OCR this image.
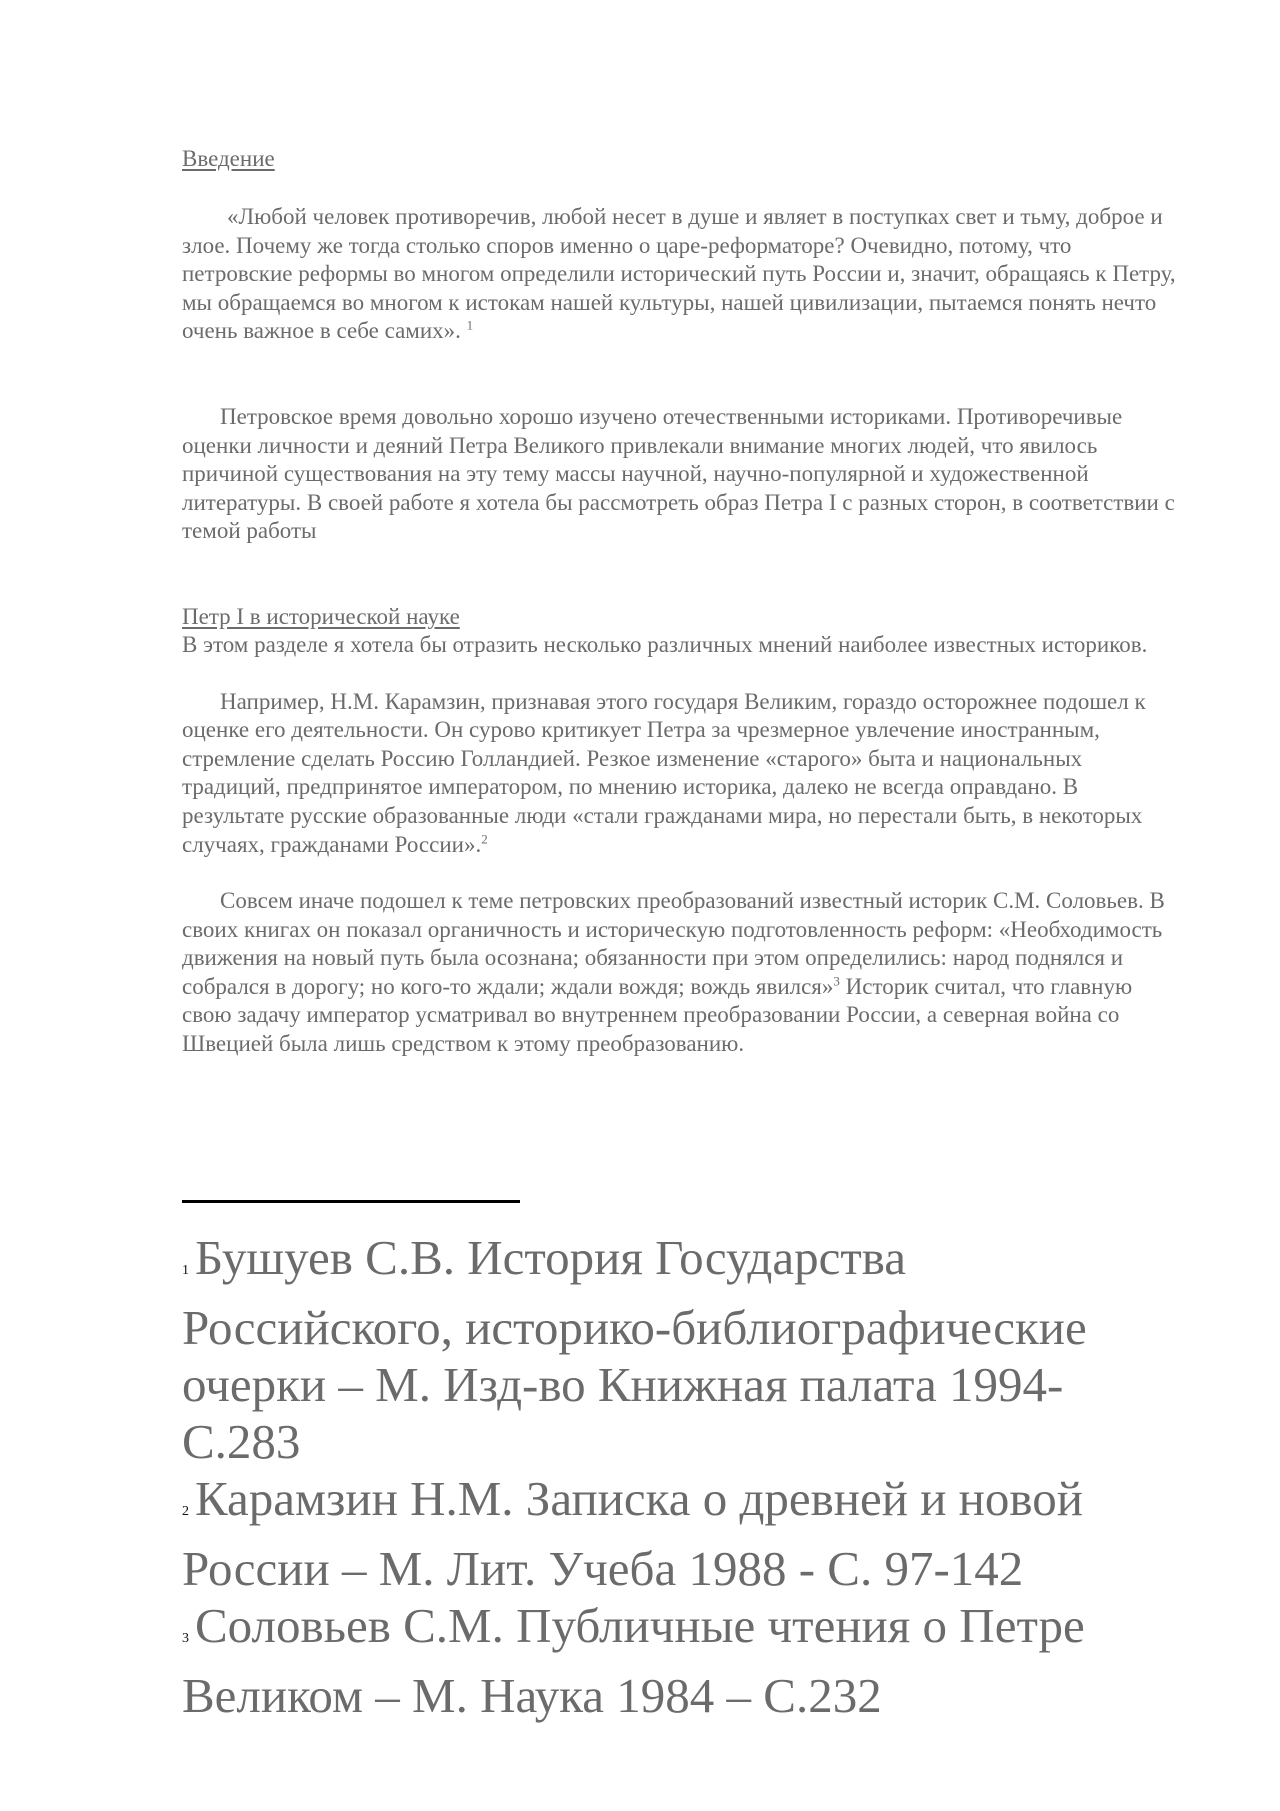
Введение

«Любой человек противоречив, любой несет в душе и являет в поступках свет и тьму, доброе и злое. Почему же тогда столько споров именно о царе-реформаторе? Очевидно, потому, что петровские реформы во многом определили исторический путь России и, значит, обращаясь к Петру, мы обращаемся во многом к истокам нашей культуры, нашей цивилизации, пытаемся понять нечто очень важное в себе самих». $^1$

Петровское время довольно хорошо изучено отечественными историками. Противоречивые оценки личности и деяний Петра Великого привлекали внимание многих людей, что явилось причиной существования на эту тему массы научной, научно-популярной и художественной литературы. В своей работе я хотела бы рассмотреть образ Петра I с разных сторон, в соответствии с темой работы

Петр I в исторической науке

В этом разделе я хотела бы отразить несколько различных мнений наиболее известных историков.

Например, Н.М. Карамзин, признавая этого государя Великим, гораздо осторожнее подошел к оценке его деятельности. Он сурово критикует Петра за чрезмерное увлечение иностранным, стремление сделать Россию Голландией. Резкое изменение «старого» быта и национальных традиций, предпринятое императором, по мнению историка, далеко не всегда оправдано. В результате русские образованные люди «стали гражданами мира, но перестали быть, в некоторых случаях, гражданами России».$^2$

Совсем иначе подошел к теме петровских преобразований известный историк С.М. Соловьев. В своих книгах он показал органичность и историческую подготовленность реформ: «Необходимость движения на новый путь была осознана; обязанности при этом определились: народ поднялся и собрался в дорогу; но кого-то ждали; ждали вождя; вождь явился»$^3$ Историк считал, что главную свою задачу император усматривал во внутреннем преобразовании России, а северная война со Швецией была лишь средством к этому преобразованию.

1 Бушуев С.В. История Государства Российского, историко-библиографические очерки – М. Изд-во Книжная палата 1994- С.283

2 Карамзин Н.М. Записка о древней и новой России – М. Лит. Учеба 1988 - С. 97-142

3 Соловьев С.М. Публичные чтения о Петре Великом – М. Наука 1984 – С.232
